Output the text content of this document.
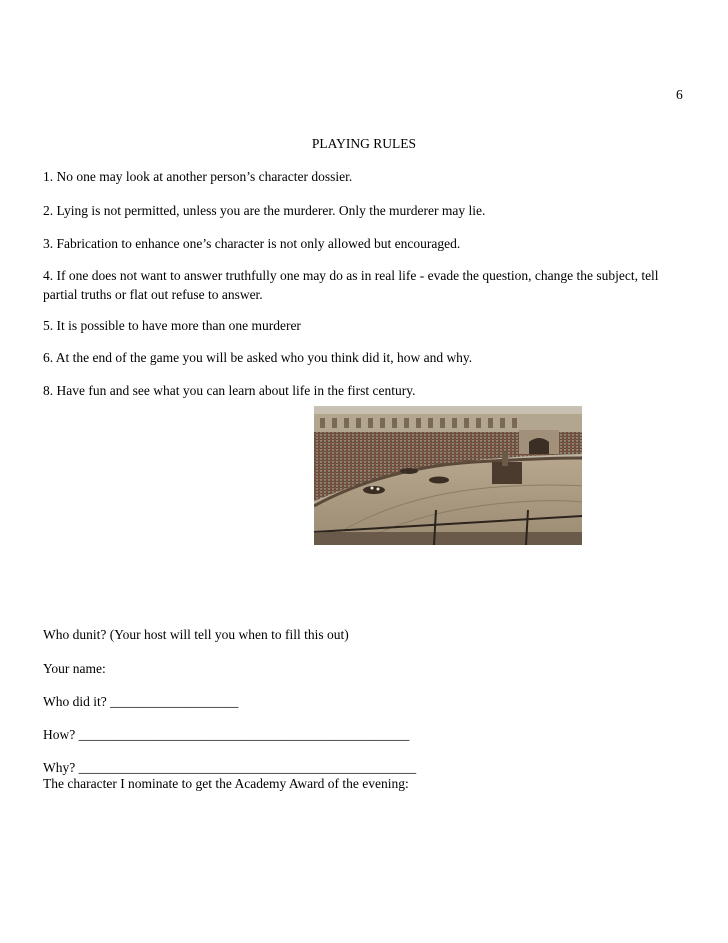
6
PLAYING RULES
1. No one may look at another person’s character dossier.
2. Lying is not permitted, unless you are the murderer. Only the murderer may lie.
3. Fabrication to enhance one’s character is not only allowed but encouraged.
4. If one does not want to answer truthfully one may do as in real life - evade the question, change the subject, tell partial truths or flat out refuse to answer.
5. It is possible to have more than one murderer
6. At the end of the game you will be asked who you think did it, how and why.
8. Have fun and see what you can learn about life in the first century.
Who dunit? (Your host will tell you when to fill this out)
Your name:
Who did it? ___________________
How? _________________________________________________
Why? __________________________________________________
The character I nominate to get the Academy Award of the evening:
